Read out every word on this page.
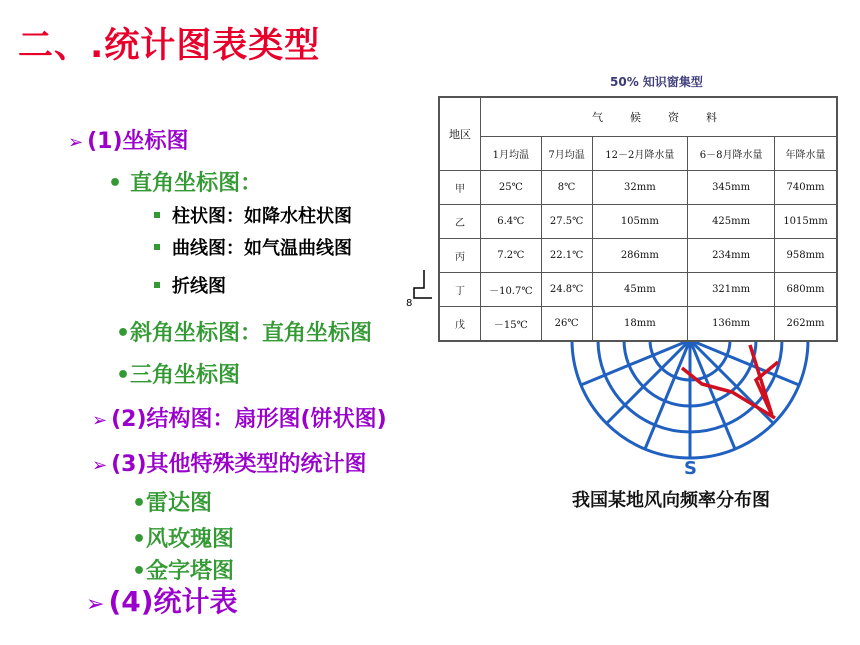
二、.统计图表类型
➢ (1)坐标图
• 直角坐标图：
柱状图：如降水柱状图
曲线图：如气温曲线图
折线图
•斜角坐标图：直角坐标图
•三角坐标图
➢ (2)结构图：扇形图(饼状图)
➢ (3)其他特殊类型的统计图
•雷达图
•风玫瑰图
•金字塔图
➢ (4)统计表
8
50% 知识窗集型
S
我国某地风向频率分布图
地区	气　候　资　料				
	1月均温	7月均温	12－2月降水量	6－8月降水量	年降水量
甲	25℃	8℃	32mm	345mm	740mm
乙	6.4℃	27.5℃	105mm	425mm	1015mm
丙	7.2℃	22.1℃	286mm	234mm	958mm
丁	－10.7℃	24.8℃	45mm	321mm	680mm
戊	－15℃	26℃	18mm	136mm	262mm
